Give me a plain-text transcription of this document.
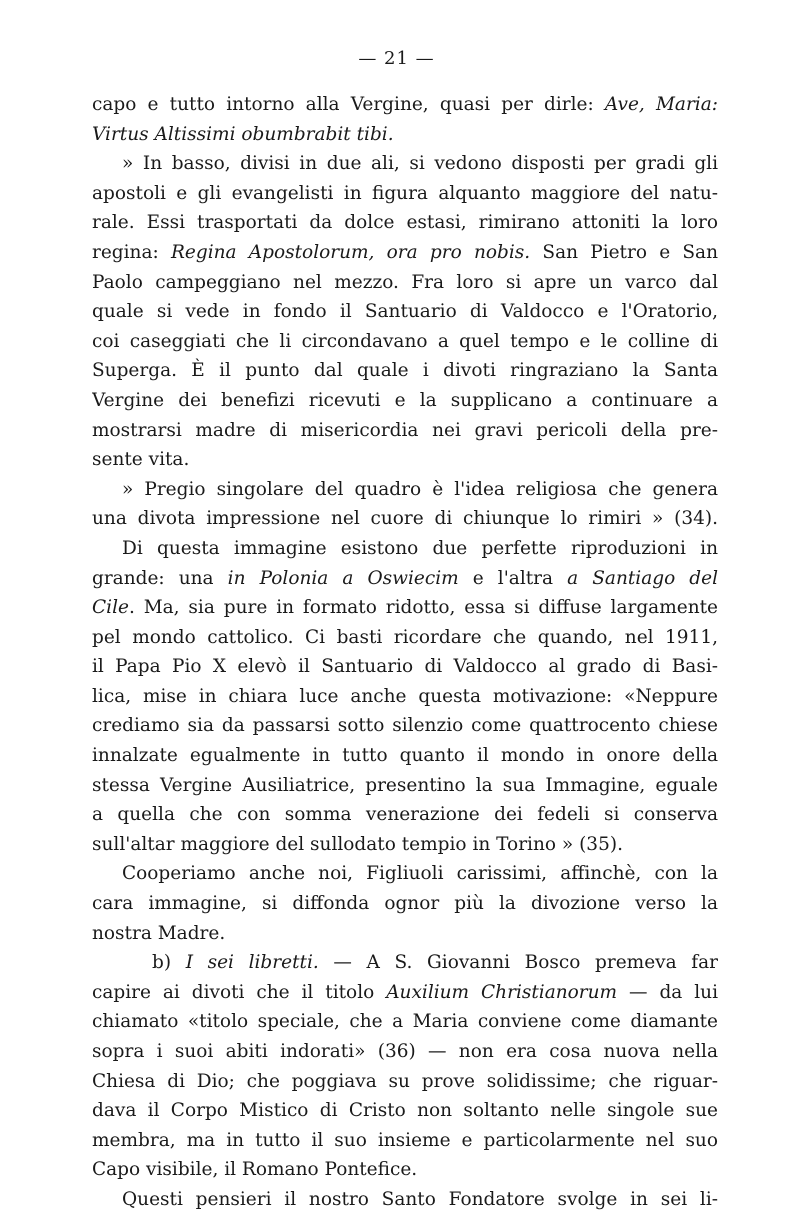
— 21 —
capo e tutto intorno alla Vergine, quasi per dirle: Ave, Maria:
Virtus Altissimi obumbrabit tibi.
» In basso, divisi in due ali, si vedono disposti per gradi gli
apostoli e gli evangelisti in figura alquanto maggiore del natu-
rale. Essi trasportati da dolce estasi, rimirano attoniti la loro
regina: Regina Apostolorum, ora pro nobis. San Pietro e San
Paolo campeggiano nel mezzo. Fra loro si apre un varco dal
quale si vede in fondo il Santuario di Valdocco e l'Oratorio,
coi caseggiati che li circondavano a quel tempo e le colline di
Superga. È il punto dal quale i divoti ringraziano la Santa
Vergine dei benefizi ricevuti e la supplicano a continuare a
mostrarsi madre di misericordia nei gravi pericoli della pre-
sente vita.
» Pregio singolare del quadro è l'idea religiosa che genera
una divota impressione nel cuore di chiunque lo rimiri » (34).
Di questa immagine esistono due perfette riproduzioni in
grande: una in Polonia a Oswiecim e l'altra a Santiago del
Cile. Ma, sia pure in formato ridotto, essa si diffuse largamente
pel mondo cattolico. Ci basti ricordare che quando, nel 1911,
il Papa Pio X elevò il Santuario di Valdocco al grado di Basi-
lica, mise in chiara luce anche questa motivazione: «Neppure
crediamo sia da passarsi sotto silenzio come quattrocento chiese
innalzate egualmente in tutto quanto il mondo in onore della
stessa Vergine Ausiliatrice, presentino la sua Immagine, eguale
a quella che con somma venerazione dei fedeli si conserva
sull'altar maggiore del sullodato tempio in Torino » (35).
Cooperiamo anche noi, Figliuoli carissimi, affinchè, con la
cara immagine, si diffonda ognor più la divozione verso la
nostra Madre.
b) I sei libretti. — A S. Giovanni Bosco premeva far
capire ai divoti che il titolo Auxilium Christianorum — da lui
chiamato «titolo speciale, che a Maria conviene come diamante
sopra i suoi abiti indorati» (36) — non era cosa nuova nella
Chiesa di Dio; che poggiava su prove solidissime; che riguar-
dava il Corpo Mistico di Cristo non soltanto nelle singole sue
membra, ma in tutto il suo insieme e particolarmente nel suo
Capo visibile, il Romano Pontefice.
Questi pensieri il nostro Santo Fondatore svolge in sei li-
